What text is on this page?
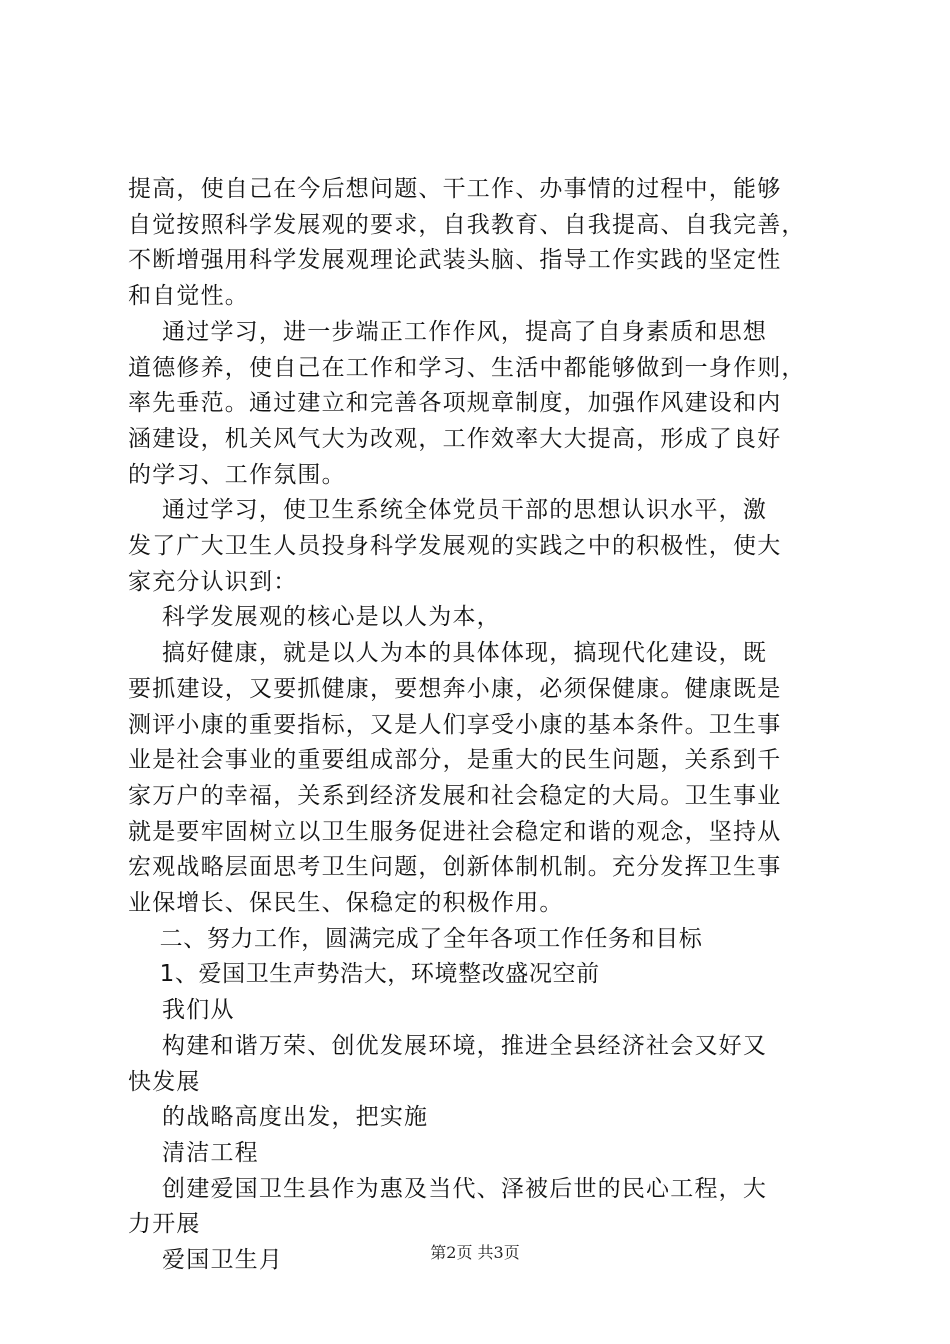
提高，使自己在今后想问题、干工作、办事情的过程中，能够
自觉按照科学发展观的要求，自我教育、自我提高、自我完善，
不断增强用科学发展观理论武装头脑、指导工作实践的坚定性
和自觉性。

通过学习，进一步端正工作作风，提高了自身素质和思想
道德修养，使自己在工作和学习、生活中都能够做到一身作则，
率先垂范。通过建立和完善各项规章制度，加强作风建设和内
涵建设，机关风气大为改观，工作效率大大提高，形成了良好
的学习、工作氛围。

通过学习，使卫生系统全体党员干部的思想认识水平，激
发了广大卫生人员投身科学发展观的实践之中的积极性，使大
家充分认识到：

科学发展观的核心是以人为本，

搞好健康，就是以人为本的具体体现，搞现代化建设，既
要抓建设，又要抓健康，要想奔小康，必须保健康。健康既是
测评小康的重要指标，又是人们享受小康的基本条件。卫生事
业是社会事业的重要组成部分，是重大的民生问题，关系到千
家万户的幸福，关系到经济发展和社会稳定的大局。卫生事业
就是要牢固树立以卫生服务促进社会稳定和谐的观念，坚持从
宏观战略层面思考卫生问题，创新体制机制。充分发挥卫生事
业保增长、保民生、保稳定的积极作用。

二、努力工作，圆满完成了全年各项工作任务和目标

1、爱国卫生声势浩大，环境整改盛况空前

我们从

构建和谐万荣、创优发展环境，推进全县经济社会又好又
快发展

的战略高度出发，把实施

清洁工程

创建爱国卫生县作为惠及当代、泽被后世的民心工程，大
力开展

爱国卫生月	第2页 共3页
